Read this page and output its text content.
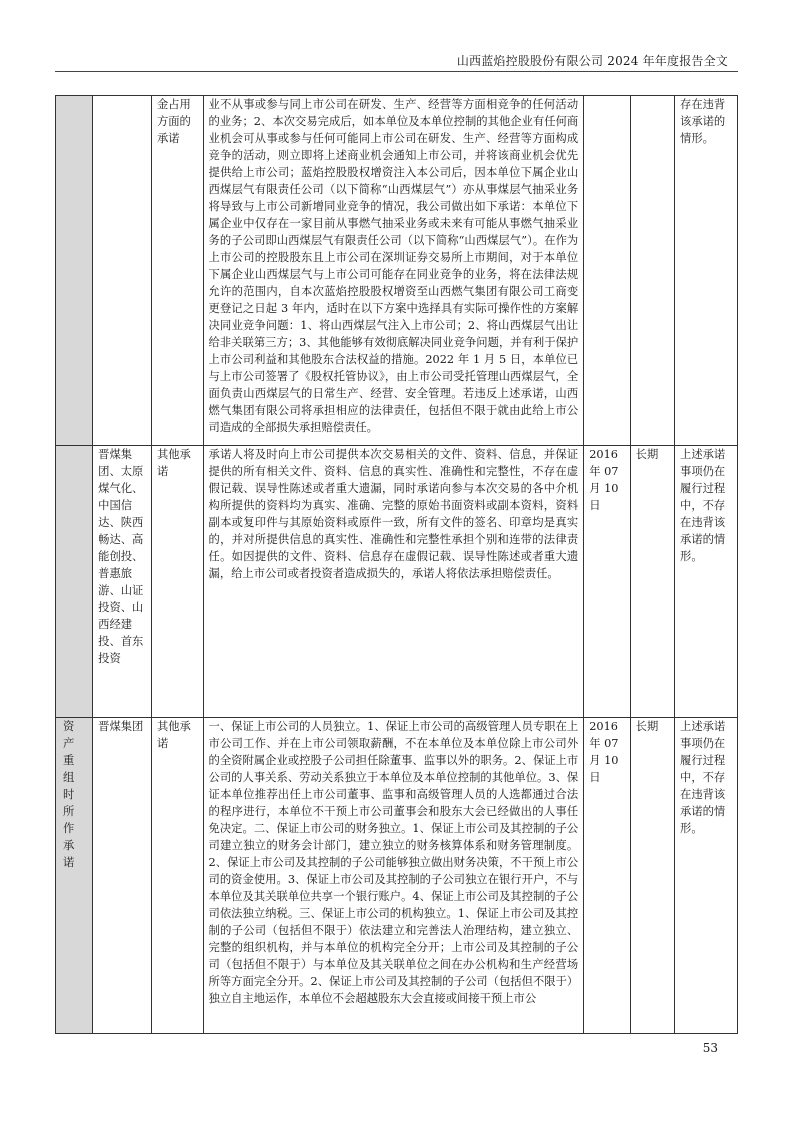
山西蓝焰控股股份有限公司 2024 年年度报告全文
		金占用方面的承诺	业不从事或参与同上市公司在研发、生产、经营等方面相竞争的任何活动的业务；2、本次交易完成后，如本单位及本单位控制的其他企业有任何商业机会可从事或参与任何可能同上市公司在研发、生产、经营等方面构成竞争的活动，则立即将上述商业机会通知上市公司，并将该商业机会优先提供给上市公司；蓝焰控股股权增资注入本公司后，因本单位下属企业山西煤层气有限责任公司（以下简称“山西煤层气”）亦从事煤层气抽采业务将导致与上市公司新增同业竞争的情况，我公司做出如下承诺：本单位下属企业中仅存在一家目前从事燃气抽采业务或未来有可能从事燃气抽采业务的子公司即山西煤层气有限责任公司（以下简称“山西煤层气”）。在作为上市公司的控股股东且上市公司在深圳证券交易所上市期间，对于本单位下属企业山西煤层气与上市公司可能存在同业竞争的业务，将在法律法规允许的范围内，自本次蓝焰控股股权增资至山西燃气集团有限公司工商变更登记之日起 3 年内，适时在以下方案中选择具有实际可操作性的方案解决同业竞争问题：1、将山西煤层气注入上市公司；2、将山西煤层气出让给非关联第三方；3、其他能够有效彻底解决同业竞争问题，并有利于保护上市公司利益和其他股东合法权益的措施。2022 年 1 月 5 日，本单位已与上市公司签署了《股权托管协议》，由上市公司受托管理山西煤层气，全面负责山西煤层气的日常生产、经营、安全管理。若违反上述承诺，山西燃气集团有限公司将承担相应的法律责任，包括但不限于就由此给上市公司造成的全部损失承担赔偿责任。			存在违背该承诺的情形。

	晋煤集团、太原煤气化、中国信达、陕西畅达、高能创投、普惠旅游、山证投资、山西经建投、首东投资	其他承诺	承诺人将及时向上市公司提供本次交易相关的文件、资料、信息，并保证提供的所有相关文件、资料、信息的真实性、准确性和完整性，不存在虚假记载、误导性陈述或者重大遗漏，同时承诺向参与本次交易的各中介机构所提供的资料均为真实、准确、完整的原始书面资料或副本资料，资料副本或复印件与其原始资料或原件一致，所有文件的签名、印章均是真实的，并对所提供信息的真实性、准确性和完整性承担个别和连带的法律责任。如因提供的文件、资料、信息存在虚假记载、误导性陈述或者重大遗漏，给上市公司或者投资者造成损失的，承诺人将依法承担赔偿责任。	2016 年 07 月 10 日	长期	上述承诺事项仍在履行过程中，不存在违背该承诺的情形。

资产重组时所作承诺	晋煤集团	其他承诺	一、保证上市公司的人员独立。1、保证上市公司的高级管理人员专职在上市公司工作、并在上市公司领取薪酬，不在本单位及本单位除上市公司外的全资附属企业或控股子公司担任除董事、监事以外的职务。2、保证上市公司的人事关系、劳动关系独立于本单位及本单位控制的其他单位。3、保证本单位推荐出任上市公司董事、监事和高级管理人员的人选都通过合法的程序进行，本单位不干预上市公司董事会和股东大会已经做出的人事任免决定。二、保证上市公司的财务独立。1、保证上市公司及其控制的子公司建立独立的财务会计部门，建立独立的财务核算体系和财务管理制度。2、保证上市公司及其控制的子公司能够独立做出财务决策，不干预上市公司的资金使用。3、保证上市公司及其控制的子公司独立在银行开户，不与本单位及其关联单位共享一个银行账户。4、保证上市公司及其控制的子公司依法独立纳税。三、保证上市公司的机构独立。1、保证上市公司及其控制的子公司（包括但不限于）依法建立和完善法人治理结构，建立独立、完整的组织机构，并与本单位的机构完全分开；上市公司及其控制的子公司（包括但不限于）与本单位及其关联单位之间在办公机构和生产经营场所等方面完全分开。2、保证上市公司及其控制的子公司（包括但不限于）独立自主地运作，本单位不会超越股东大会直接或间接干预上市公	2016 年 07 月 10 日	长期	上述承诺事项仍在履行过程中，不存在违背该承诺的情形。
53
